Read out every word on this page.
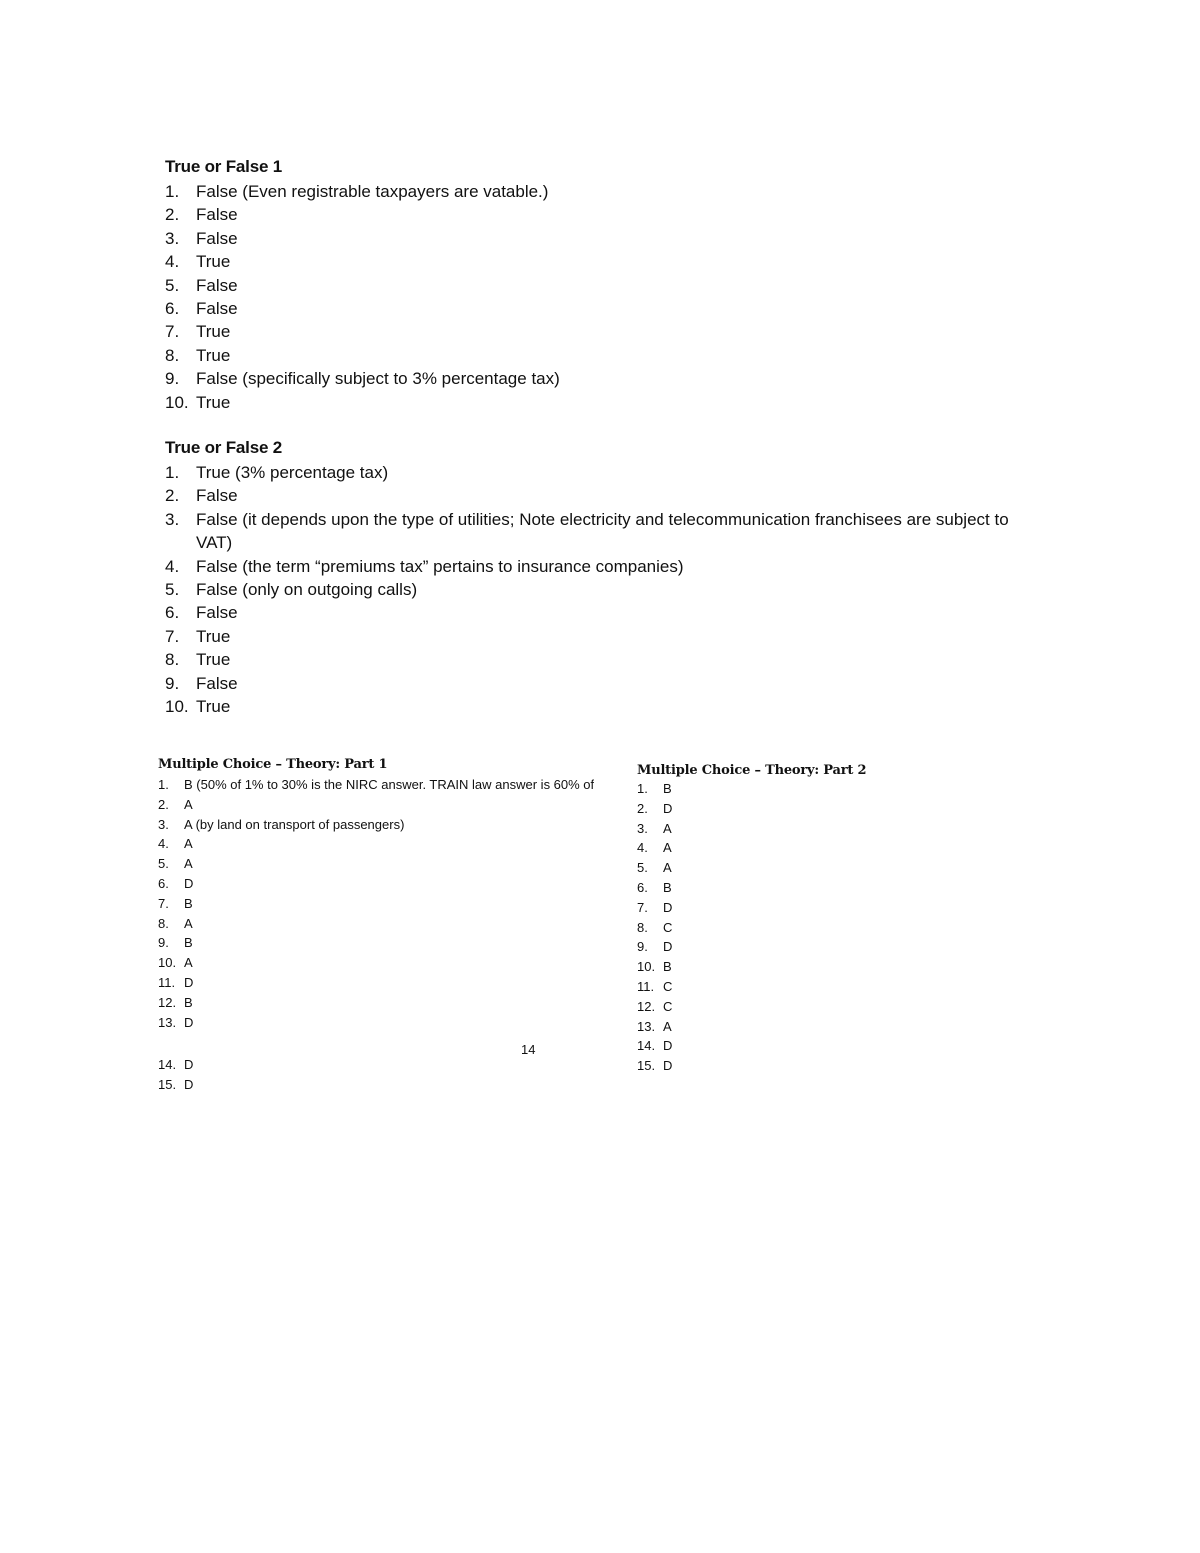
True or False 1
1. False (Even registrable taxpayers are vatable.)
2. False
3. False
4. True
5. False
6. False
7. True
8. True
9. False (specifically subject to 3% percentage tax)
10. True
True or False 2
1. True (3% percentage tax)
2. False
3. False (it depends upon the type of utilities; Note electricity and telecommunication franchisees are subject to VAT)
4. False (the term “premiums tax” pertains to insurance companies)
5. False (only on outgoing calls)
6. False
7. True
8. True
9. False
10. True
Multiple Choice – Theory: Part 1
1.	B (50% of 1% to 30% is the NIRC answer. TRAIN law answer is 60% of
2.	A
3.	A (by land on transport of passengers)
4.	A
5.	A
6.	D
7.	B
8.	A
9.	B
10. A
11. D
12. B
13. D
14. D
15. D
Multiple Choice – Theory: Part 2
1.	B
2.	D
3.	A
4.	A
5.	A
6.	B
7.	D
8.	C
9.	D
10. B
11. C
12. C
13. A
14. D
15. D
14
